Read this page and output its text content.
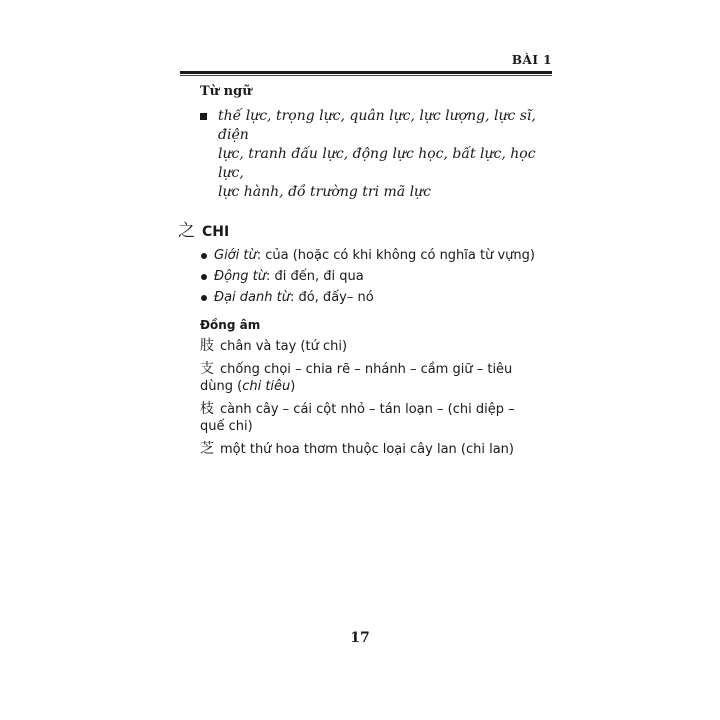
BÀI 1
Từ ngữ
thế lực, trọng lực, quân lực, lực lượng, lực sĩ, điện
lực, tranh đấu lực, động lực học, bất lực, học lực,
lực hành, đồ trường tri mã lực
之 CHI
Giới từ: của (hoặc có khi không có nghĩa từ vựng)
Động từ: đi đến, đi qua
Đại danh từ: đó, đấy– nó
Đồng âm
肢 chân và tay (tứ chi)
支 chống chọi – chia rẽ – nhánh – cầm giữ – tiêu
dùng (chi tiêu)
枝 cành cây – cái cột nhỏ – tán loạn – (chi diệp –
quế chi)
芝 một thứ hoa thơm thuộc loại cây lan (chi lan)
17
